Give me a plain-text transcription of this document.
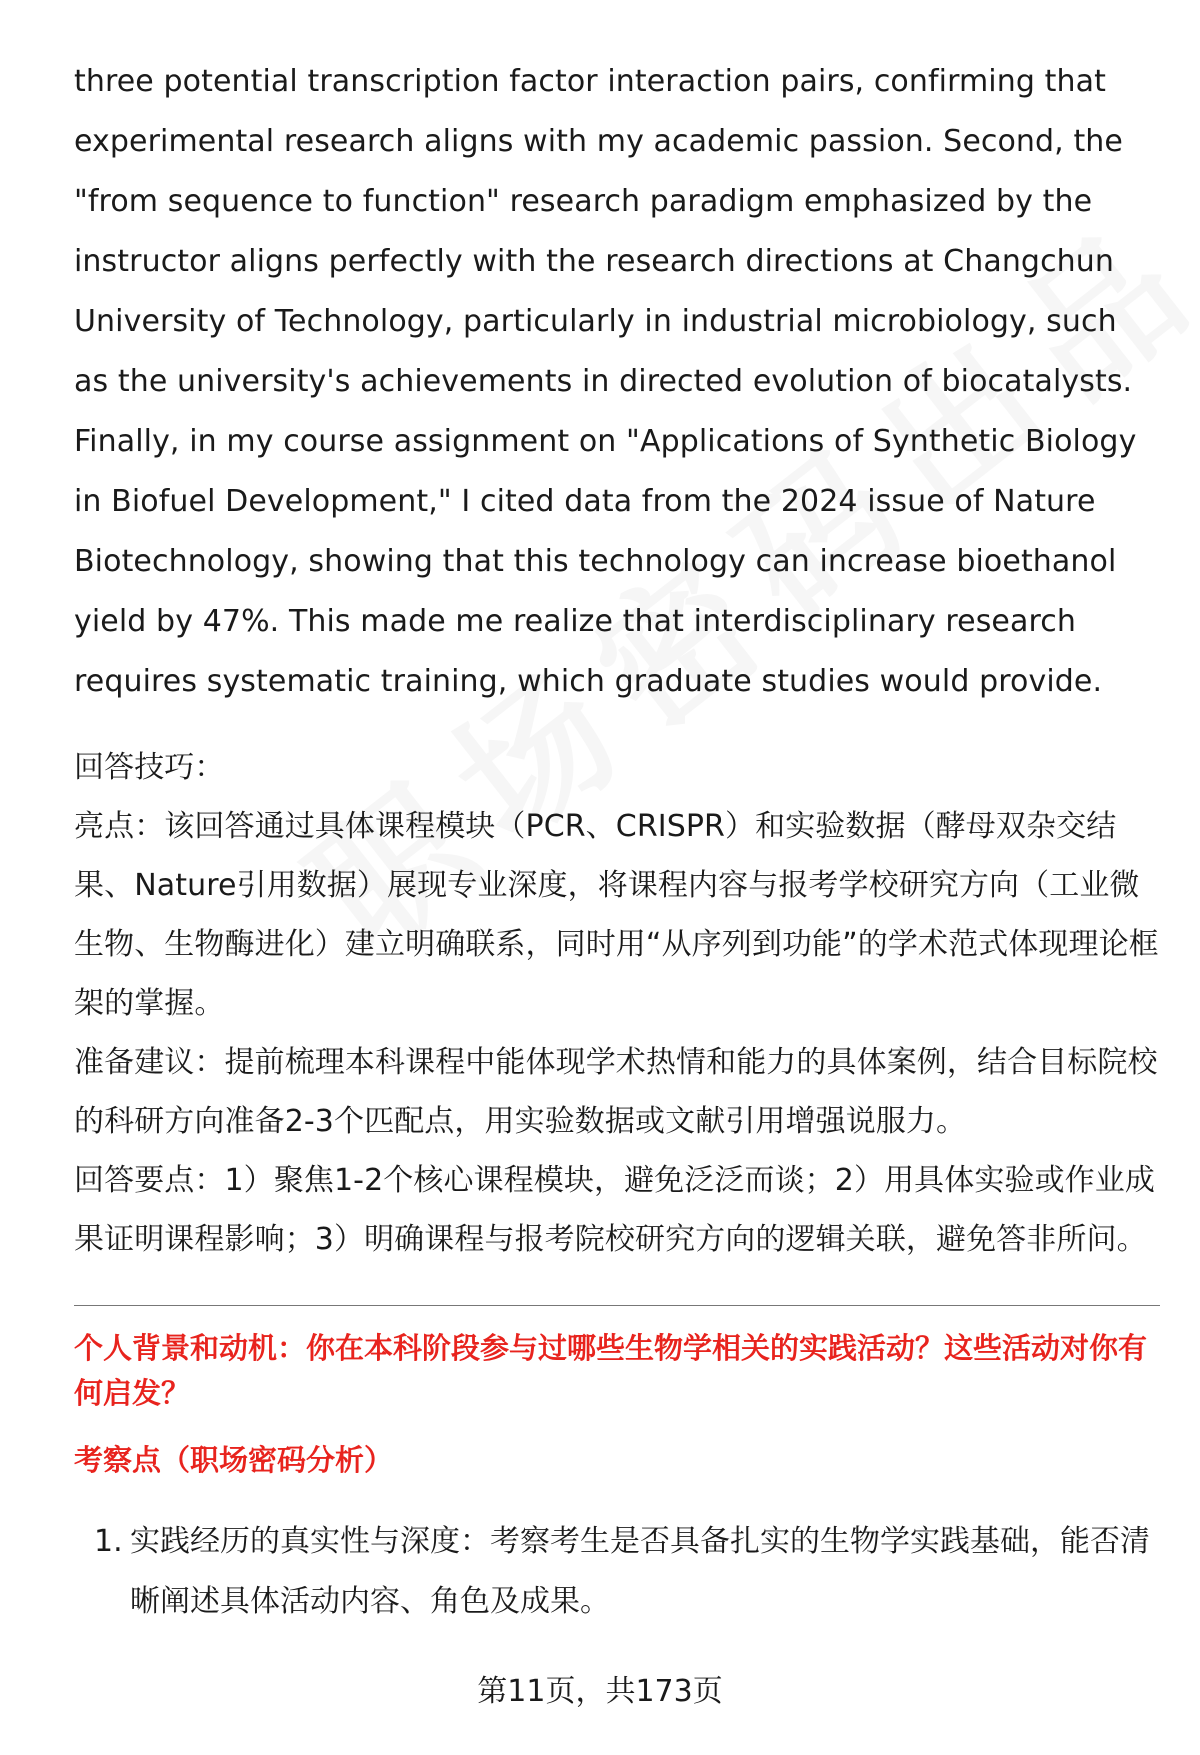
three potential transcription factor interaction pairs, confirming that experimental research aligns with my academic passion. Second, the "from sequence to function" research paradigm emphasized by the instructor aligns perfectly with the research directions at Changchun University of Technology, particularly in industrial microbiology, such as the university's achievements in directed evolution of biocatalysts. Finally, in my course assignment on "Applications of Synthetic Biology in Biofuel Development," I cited data from the 2024 issue of Nature Biotechnology, showing that this technology can increase bioethanol yield by 47%. This made me realize that interdisciplinary research requires systematic training, which graduate studies would provide.

回答技巧：

亮点：该回答通过具体课程模块（PCR、CRISPR）和实验数据（酵母双杂交结果、Nature引用数据）展现专业深度，将课程内容与报考学校研究方向（工业微生物、生物酶进化）建立明确联系，同时用“从序列到功能”的学术范式体现理论框架的掌握。

准备建议：提前梳理本科课程中能体现学术热情和能力的具体案例，结合目标院校的科研方向准备2-3个匹配点，用实验数据或文献引用增强说服力。

回答要点：1）聚焦1-2个核心课程模块，避免泛泛而谈；2）用具体实验或作业成果证明课程影响；3）明确课程与报考院校研究方向的逻辑关联，避免答非所问。

个人背景和动机：你在本科阶段参与过哪些生物学相关的实践活动？这些活动对你有何启发？

考察点（职场密码分析）

1. 实践经历的真实性与深度：考察考生是否具备扎实的生物学实践基础，能否清晰阐述具体活动内容、角色及成果。
第11页，共173页
